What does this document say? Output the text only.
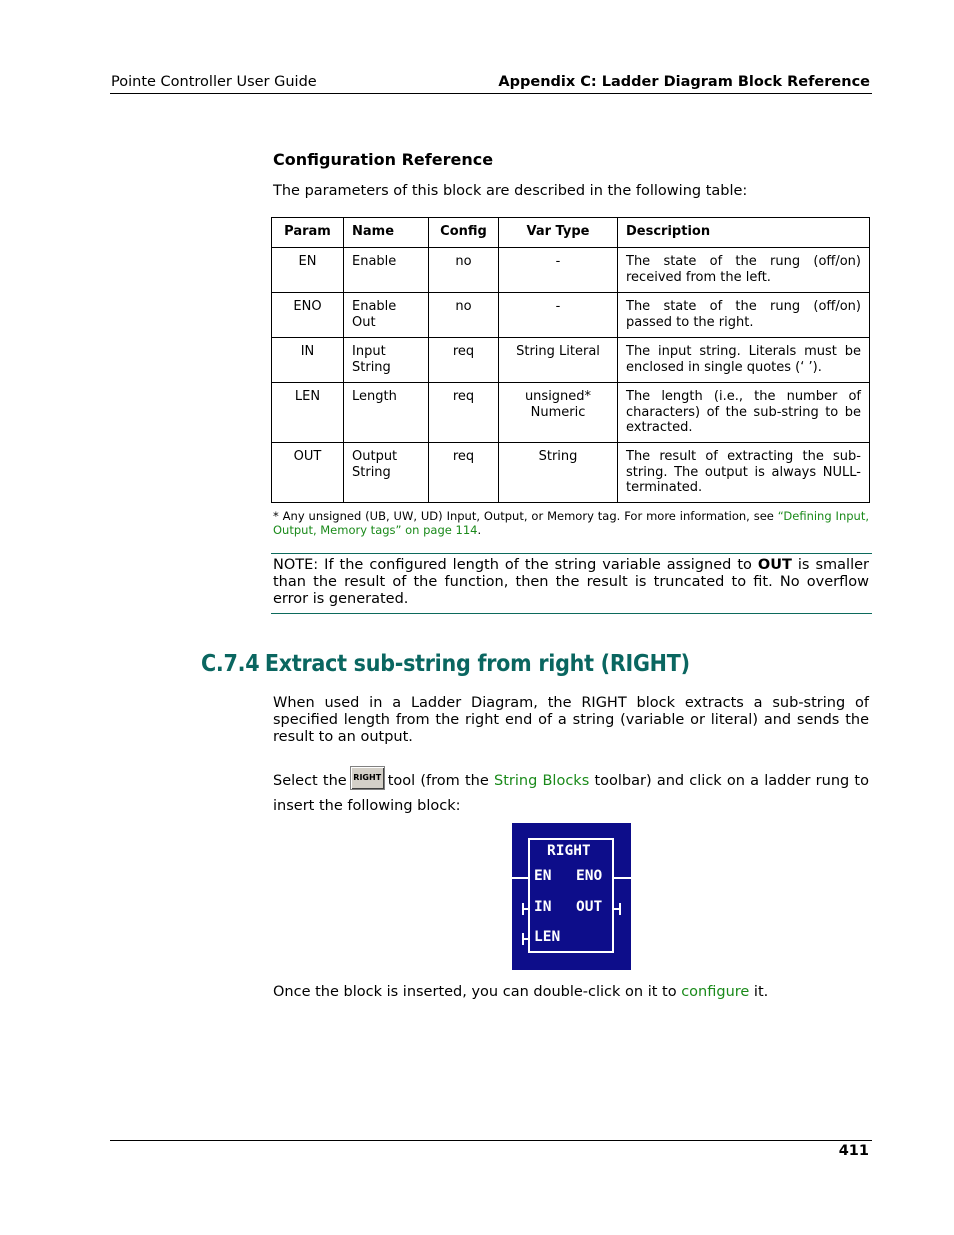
Pointe Controller User Guide	Appendix C: Ladder Diagram Block Reference
Configuration Reference
The parameters of this block are described in the following table:
Param	Name	Config	Var Type	Description
EN	Enable	no	-	The state of the rung (off/on) received from the left.
ENO	Enable Out	no	-	The state of the rung (off/on) passed to the right.
IN	Input String	req	String Literal	The input string. Literals must be enclosed in single quotes (‘ ’).
LEN	Length	req	unsigned* Numeric	The length (i.e., the number of characters) of the sub-string to be extracted.
OUT	Output String	req	String	The result of extracting the sub-string. The output is always NULL-terminated.
* Any unsigned (UB, UW, UD) Input, Output, or Memory tag. For more information, see “Defining Input, Output, Memory tags” on page 114.
NOTE: If the configured length of the string variable assigned to OUT is smaller than the result of the function, then the result is truncated to fit. No overflow error is generated.
C.7.4 Extract sub-string from right (RIGHT)
When used in a Ladder Diagram, the RIGHT block extracts a sub-string of specified length from the right end of a string (variable or literal) and sends the result to an output.
Select the RIGHT tool (from the String Blocks toolbar) and click on a ladder rung to insert the following block:
RIGHT
EN ENO
IN OUT
LEN
Once the block is inserted, you can double-click on it to configure it.
411
